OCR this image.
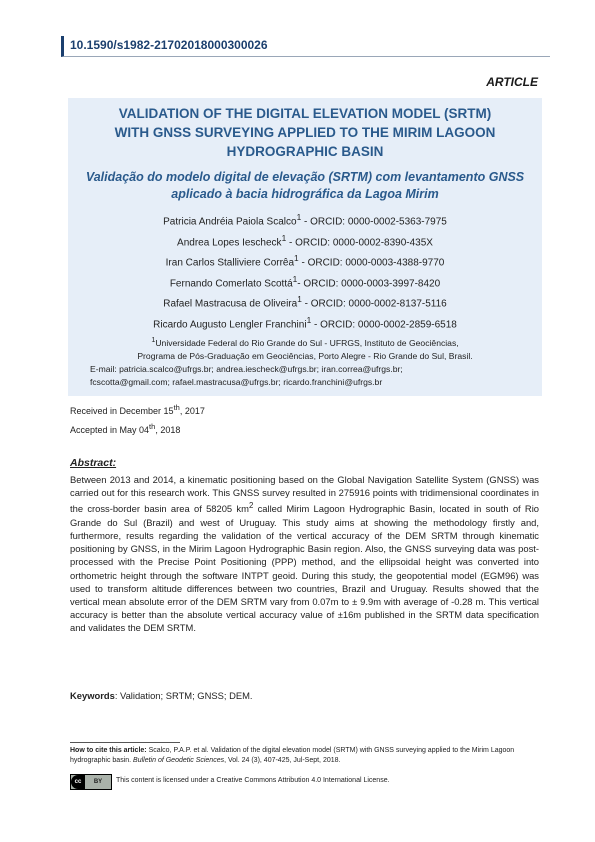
10.1590/s1982-21702018000300026
ARTICLE
VALIDATION OF THE DIGITAL ELEVATION MODEL (SRTM)
WITH GNSS SURVEYING APPLIED TO THE MIRIM LAGOON
HYDROGRAPHIC BASIN
Validação do modelo digital de elevação (SRTM) com levantamento GNSS
aplicado à bacia hidrográfica da Lagoa Mirim
Patricia Andréia Paiola Scalco$^1$ - ORCID: 0000-0002-5363-7975
Andrea Lopes Iescheck$^1$ - ORCID: 0000-0002-8390-435X
Iran Carlos Stalliviere Corrêa$^1$ - ORCID: 0000-0003-4388-9770
Fernando Comerlato Scottá$^1$- ORCID: 0000-0003-3997-8420
Rafael Mastracusa de Oliveira$^1$ - ORCID: 0000-0002-8137-5116
Ricardo Augusto Lengler Franchini$^1$ - ORCID: 0000-0002-2859-6518
$^1$Universidade Federal do Rio Grande do Sul - UFRGS, Instituto de Geociências,
Programa de Pós-Graduação em Geociências, Porto Alegre - Rio Grande do Sul, Brasil.
E-mail: patricia.scalco@ufrgs.br; andrea.iescheck@ufrgs.br; iran.correa@ufrgs.br;
fcscotta@gmail.com; rafael.mastracusa@ufrgs.br; ricardo.franchini@ufrgs.br
Received in December 15th, 2017
Accepted in May 04th, 2018
Abstract:
Between 2013 and 2014, a kinematic positioning based on the Global Navigation Satellite System (GNSS) was carried out for this research work. This GNSS survey resulted in 275916 points with tridimensional coordinates in the cross-border basin area of 58205 $km^2$ called Mirim Lagoon Hydrographic Basin, located in south of Rio Grande do Sul (Brazil) and west of Uruguay. This study aims at showing the methodology firstly and, furthermore, results regarding the validation of the vertical accuracy of the DEM SRTM through kinematic positioning by GNSS, in the Mirim Lagoon Hydrographic Basin region. Also, the GNSS surveying data was post-processed with the Precise Point Positioning (PPP) method, and the ellipsoidal height was converted into orthometric height through the software INTPT geoid. During this study, the geopotential model (EGM96) was used to transform altitude differences between two countries, Brazil and Uruguay. Results showed that the vertical mean absolute error of the DEM SRTM vary from 0.07m to ± 9.9m with average of -0.28 m. This vertical accuracy is better than the absolute vertical accuracy value of ±16m published in the SRTM data specification and validates the DEM SRTM.
Keywords: Validation; SRTM; GNSS; DEM.
How to cite this article: Scalco, P.A.P. et al. Validation of the digital elevation model (SRTM) with GNSS surveying applied to the Mirim Lagoon hydrographic basin. Bulletin of Geodetic Sciences, Vol. 24 (3), 407-425, Jul-Sept, 2018.
cc	BY	This content is licensed under a Creative Commons Attribution 4.0 International License.
